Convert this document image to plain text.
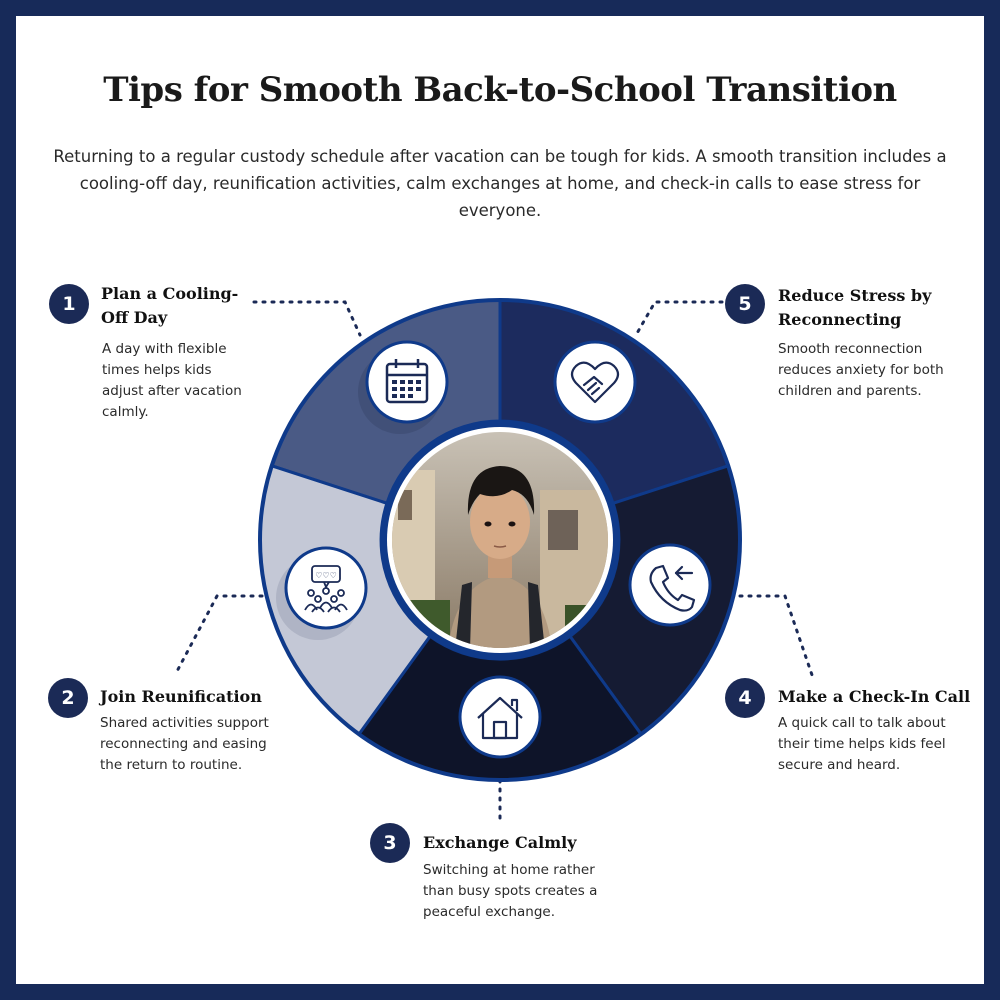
Tips for Smooth Back-to-School Transition
Returning to a regular custody schedule after vacation can be tough for kids. A smooth transition includes a cooling-off day, reunification activities, calm exchanges at home, and check-in calls to ease stress for everyone.
♡♡♡
1	Plan a Cooling-
Off Day
A day with flexible times helps kids adjust after vacation calmly.
5	Reduce Stress by
Reconnecting
Smooth reconnection reduces anxiety for both children and parents.
2	Join Reunification
Shared activities support reconnecting and easing the return to routine.
4	Make a Check-In Call
A quick call to talk about their time helps kids feel secure and heard.
3	Exchange Calmly
Switching at home rather than busy spots creates a peaceful exchange.
